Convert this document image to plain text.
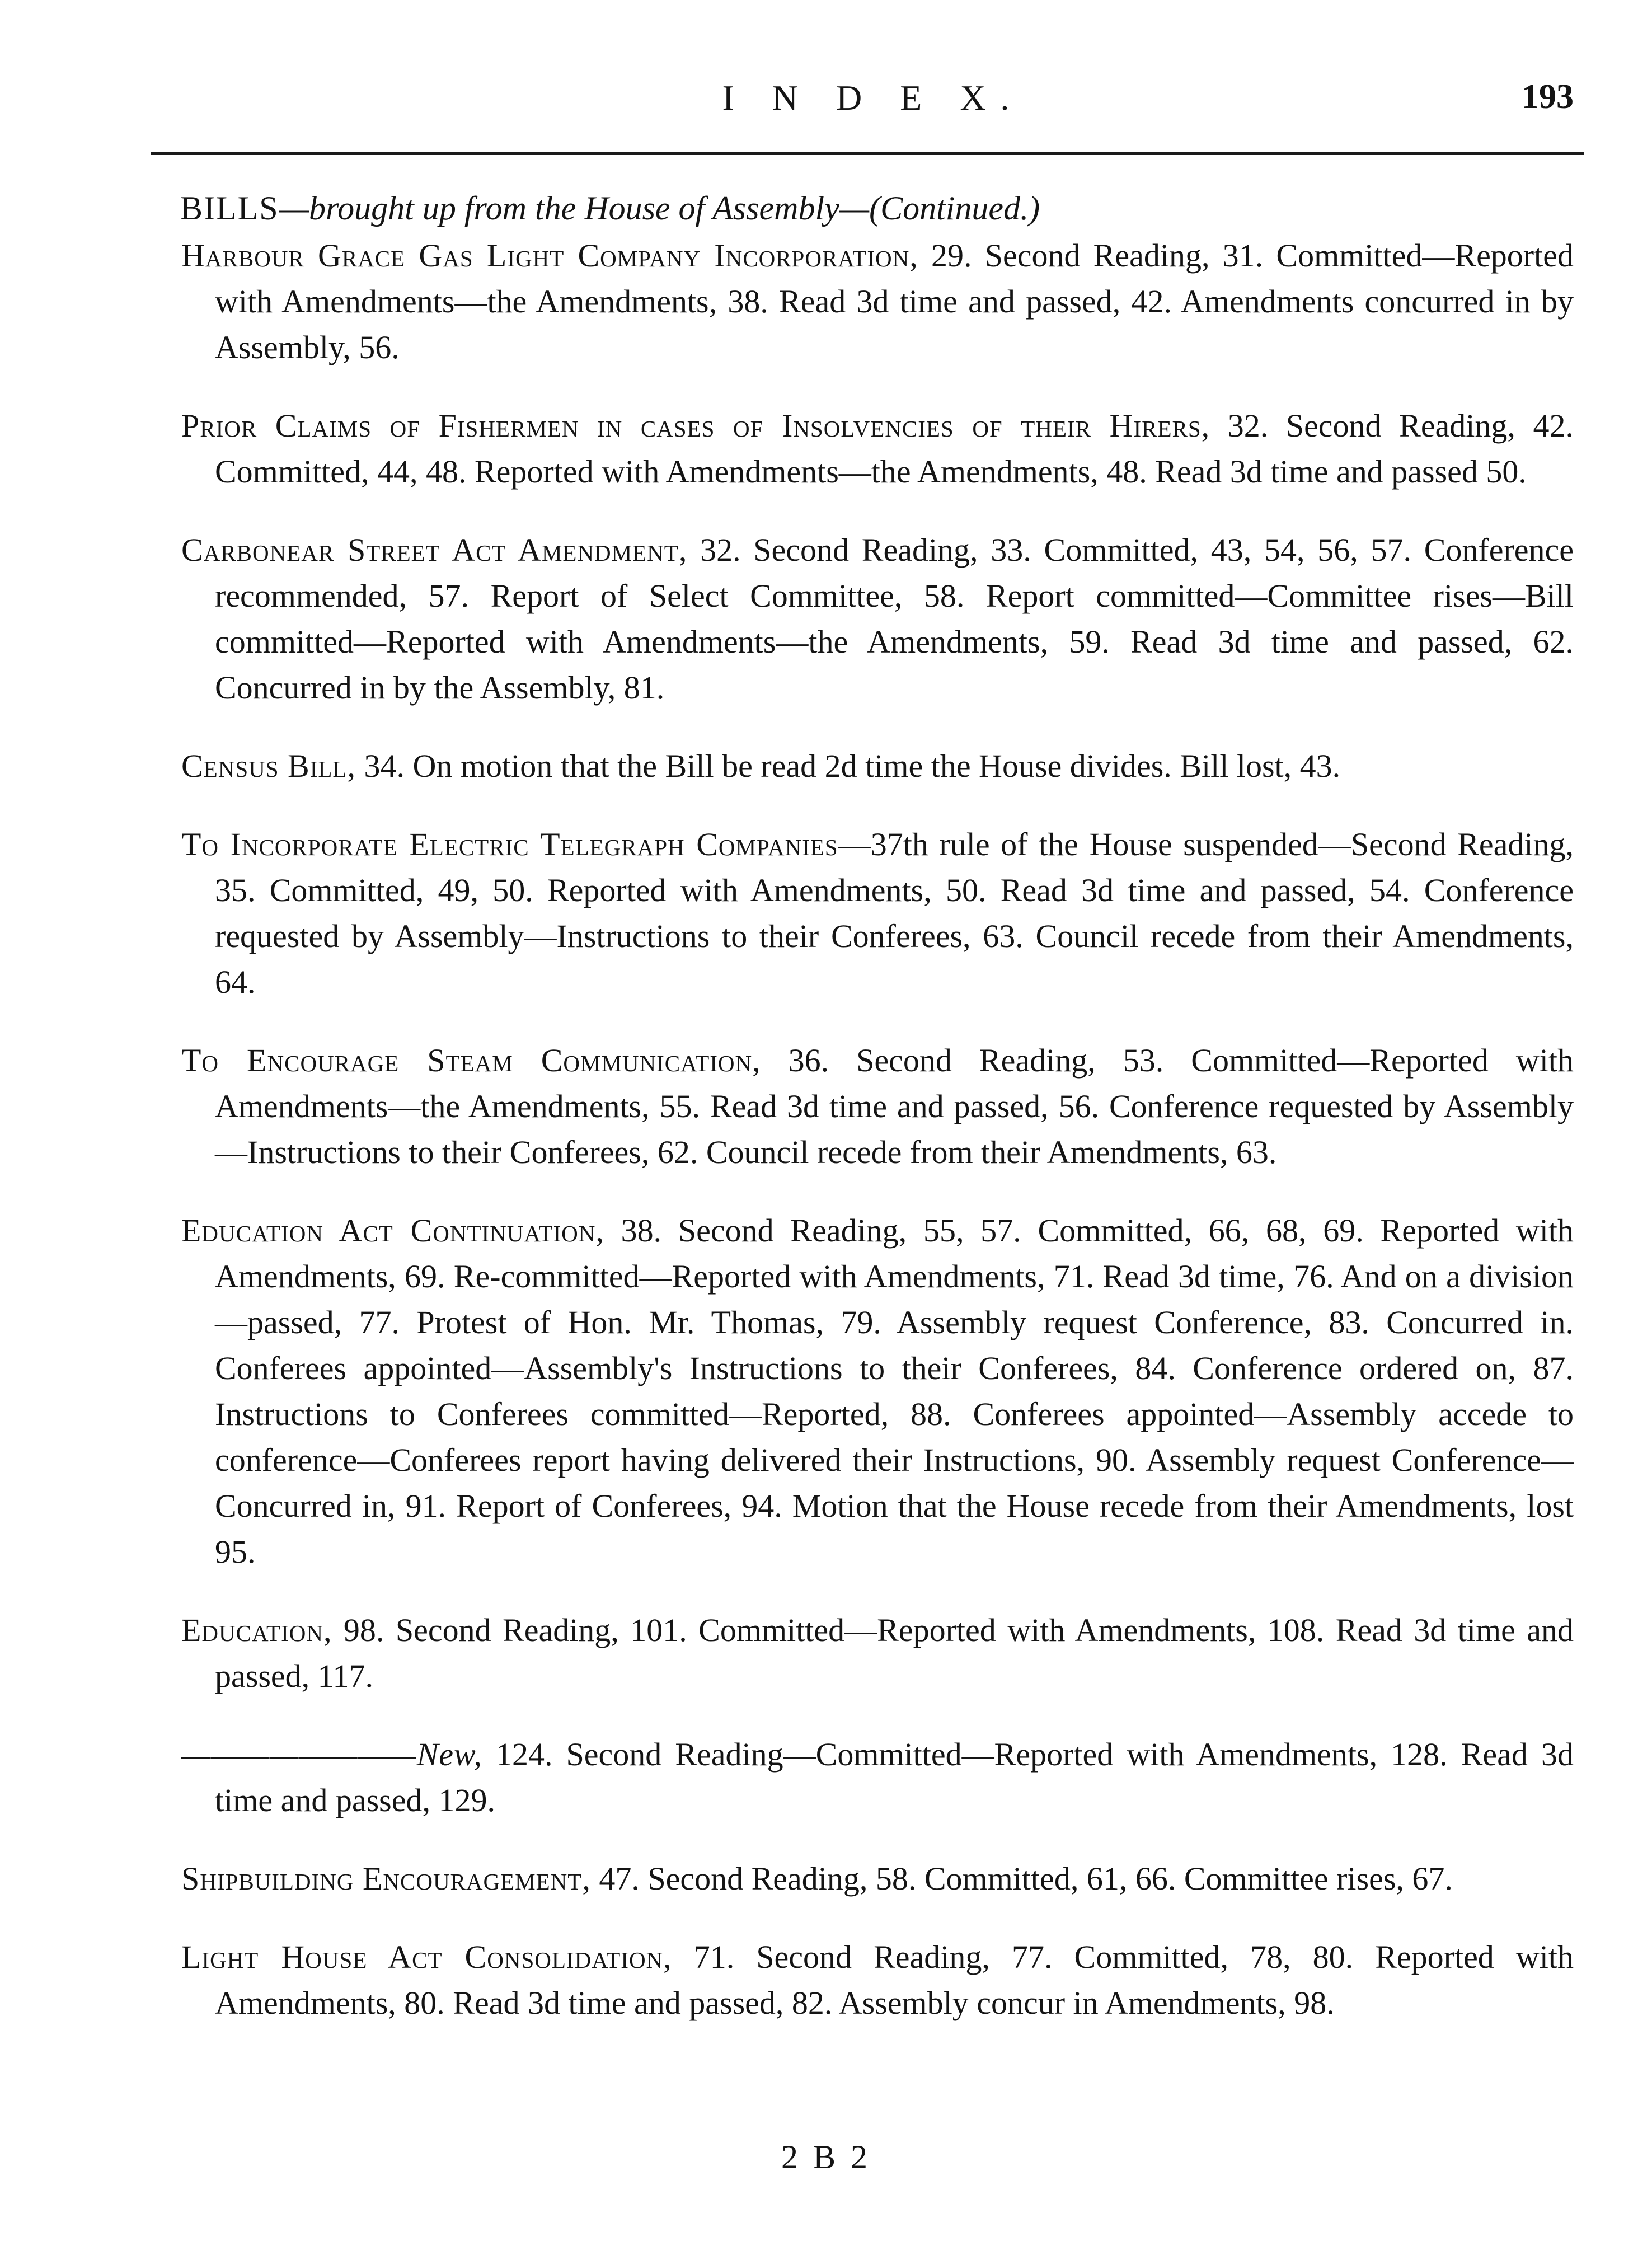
I N D E X.	193
BILLS—brought up from the House of Assembly—(Continued.)

Harbour Grace Gas Light Company Incorporation, 29. Second Reading, 31. Committed—Reported with Amendments—the Amendments, 38. Read 3d time and passed, 42. Amendments concurred in by Assembly, 56.

Prior Claims of Fishermen in cases of Insolvencies of their Hirers, 32. Second Reading, 42. Committed, 44, 48. Reported with Amendments—the Amendments, 48. Read 3d time and passed 50.

Carbonear Street Act Amendment, 32. Second Reading, 33. Committed, 43, 54, 56, 57. Conference recommended, 57. Report of Select Committee, 58. Report committed—Committee rises—Bill committed—Reported with Amendments—the Amendments, 59. Read 3d time and passed, 62. Concurred in by the Assembly, 81.

Census Bill, 34. On motion that the Bill be read 2d time the House divides. Bill lost, 43.

To Incorporate Electric Telegraph Companies—37th rule of the House suspended—Second Reading, 35. Committed, 49, 50. Reported with Amendments, 50. Read 3d time and passed, 54. Conference requested by Assembly—Instructions to their Conferees, 63. Council recede from their Amendments, 64.

To Encourage Steam Communication, 36. Second Reading, 53. Committed—Reported with Amendments—the Amendments, 55. Read 3d time and passed, 56. Conference requested by Assembly—Instructions to their Conferees, 62. Council recede from their Amendments, 63.

Education Act Continuation, 38. Second Reading, 55, 57. Committed, 66, 68, 69. Reported with Amendments, 69. Re-committed—Reported with Amendments, 71. Read 3d time, 76. And on a division—passed, 77. Protest of Hon. Mr. Thomas, 79. Assembly request Conference, 83. Concurred in. Conferees appointed—Assembly's Instructions to their Conferees, 84. Conference ordered on, 87. Instructions to Conferees committed—Reported, 88. Conferees appointed—Assembly accede to conference—Conferees report having delivered their Instructions, 90. Assembly request Conference—Concurred in, 91. Report of Conferees, 94. Motion that the House recede from their Amendments, lost 95.

Education, 98. Second Reading, 101. Committed—Reported with Amendments, 108. Read 3d time and passed, 117.

————————New, 124. Second Reading—Committed—Reported with Amendments, 128. Read 3d time and passed, 129.

Shipbuilding Encouragement, 47. Second Reading, 58. Committed, 61, 66. Committee rises, 67.

Light House Act Consolidation, 71. Second Reading, 77. Committed, 78, 80. Reported with Amendments, 80. Read 3d time and passed, 82. Assembly concur in Amendments, 98.

2 B 2
